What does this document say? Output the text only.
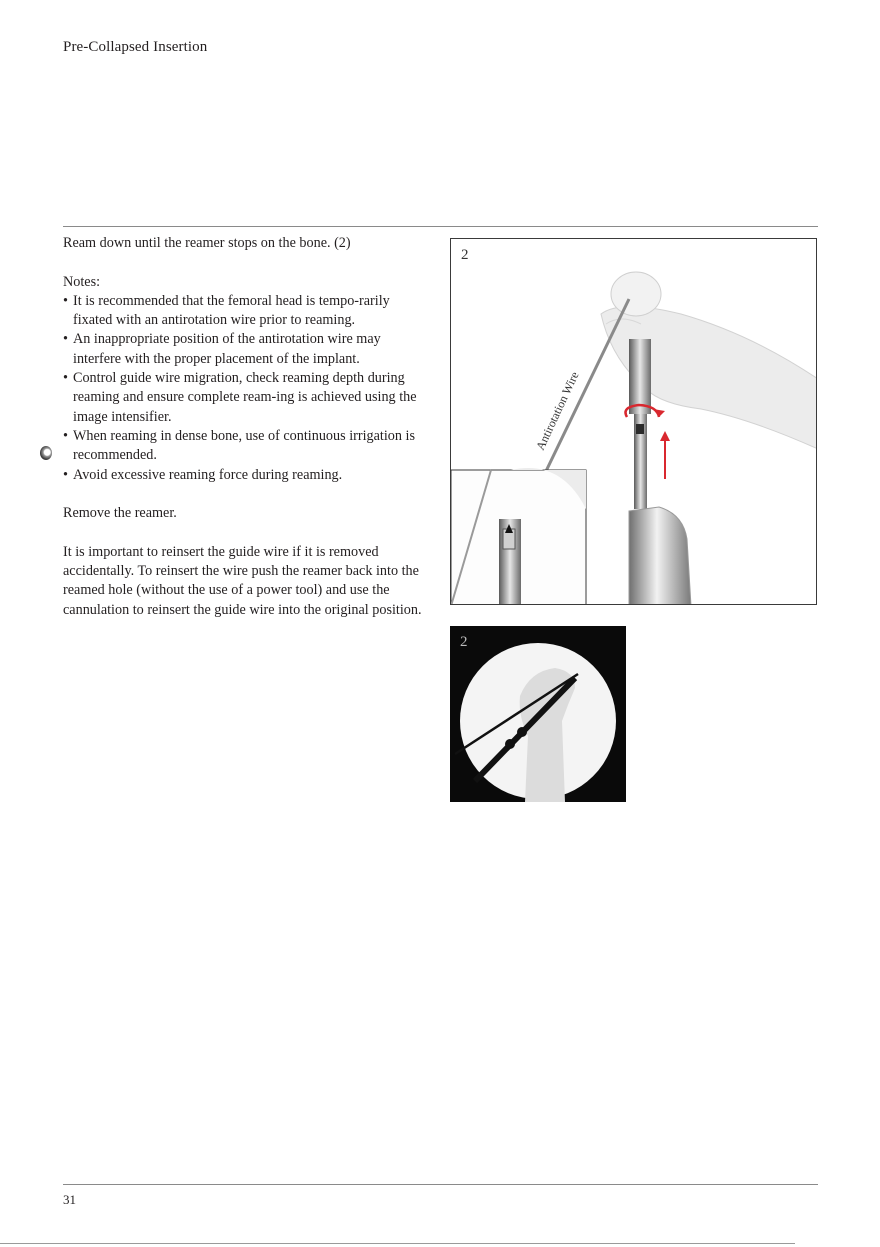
Pre-Collapsed Insertion

Ream down until the reamer stops on the bone. (2)

Notes:

• It is recommended that the femoral head is tempo-rarily fixated with an antirotation wire prior to reaming.
• An inappropriate position of the antirotation wire may interfere with the proper placement of the implant.
• Control guide wire migration, check reaming depth during reaming and ensure complete ream-ing is achieved using the image intensifier.
• When reaming in dense bone, use of continuous irrigation is recommended.
• Avoid excessive reaming force during reaming.

Remove the reamer.

It is important to reinsert the guide wire if it is removed accidentally. To reinsert the wire push the reamer back into the reamed hole (without the use of a power tool) and use the cannulation to reinsert the guide wire into the original position.

Antirotation Wire
2
2
31
